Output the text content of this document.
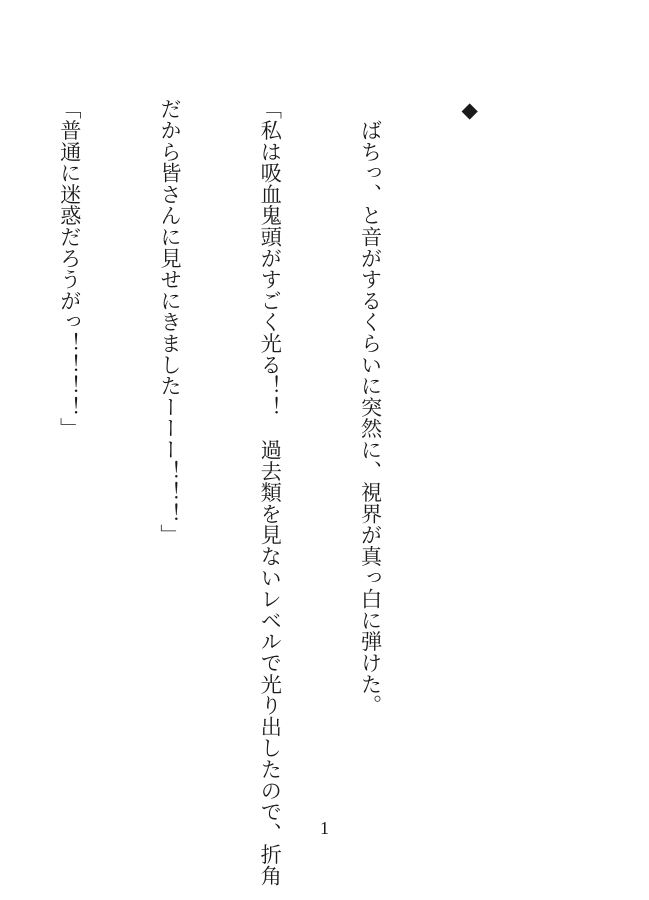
◆

　ばちっ、と音がするくらいに突然に、視界が真っ白に弾けた。

「私は吸血鬼頭がすごく光る！！　過去類を見ないレベルで光り出したので、折角

だから皆さんに見せにきましたーーー！！！」

「普通に迷惑だろうがっ！！！！」

1
